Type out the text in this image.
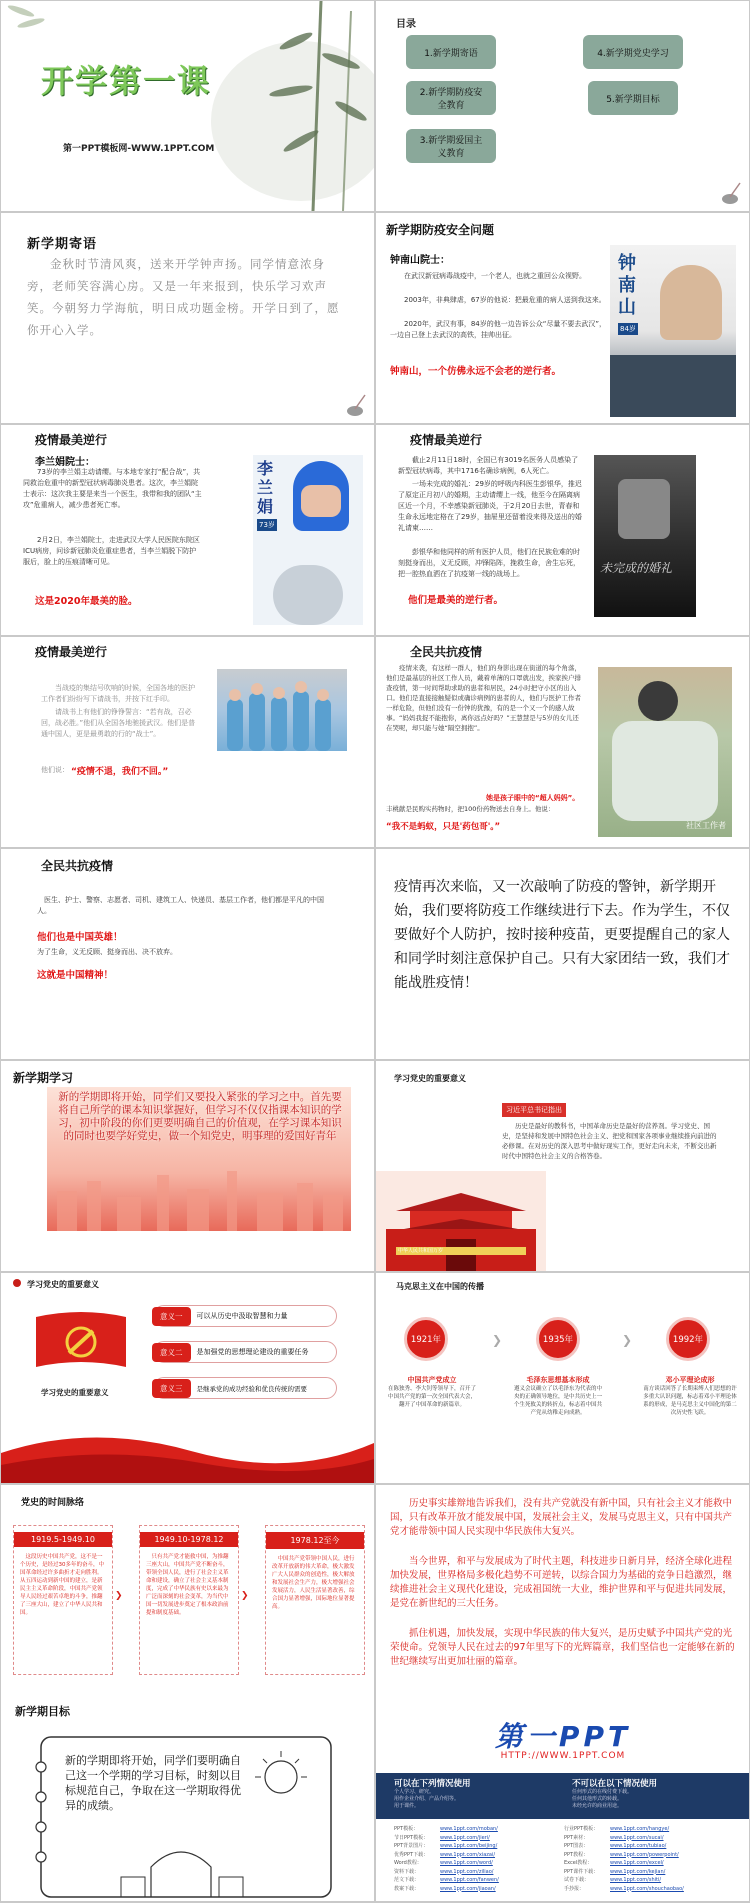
开学第一课
第一PPT模板网-WWW.1PPT.COM
目录
1.新学期寄语
2.新学期防疫安全教育
3.新学期爱国主义教育
4.新学期党史学习
5.新学期目标
新学期寄语
金秋时节清风爽，送来开学钟声扬。同学情意浓身旁，老师笑容满心房。又是一年来报到，快乐学习欢声笑。今朝努力学海航，明日成功题金榜。开学日到了，愿你开心入学。
新学期防疫安全问题
钟南山院士：
在武汉新冠病毒战疫中，一个老人，也就之重回公众视野。
2003年，非典肆虐，67岁的他说：把最危重的病人送到我这来。
2020年，武汉有事，84岁的他一边告诉公众“尽量不要去武汉”，一边自己登上去武汉的高铁，挂帅出征。
钟南山，一个仿佛永远不会老的逆行者。
钟南山
84岁
疫情最美逆行
李兰娟院士：
73岁的李兰娟主动请缨。与本地专家打“配合战”，共同救治危重中的新型冠状病毒肺炎患者。这次，李兰娟院士表示：这次我主要是来当一个医生，我带和我的团队“主攻”危重病人，减少患者死亡率。
2月2日，李兰娟院士，走进武汉大学人民医院东院区ICU病房，问诊新冠肺炎危重症患者，当李兰娟脱下防护服后，脸上的压痕清晰可见。
这是2020年最美的脸。
李兰娟
73岁
疫情最美逆行
截止2月11日18时，全国已有3019名医务人员感染了新型冠状病毒，其中1716名确诊病例，6人死亡。
一场未完成的婚礼：29岁的呼吸内科医生彭银华，推迟了原定正月初八的婚期，主动请缨上一线，他至今在隔离病区近一个月，不幸感染新冠肺炎，于2月20日去世，青春和生命永远地定格在了29岁，抽屉里还留着没来得及送出的婚礼请柬……
彭银华和他同样的所有医护人员，他们在民族危难的时刻挺身而出，义无反顾，冲锋陷阵，挽救生命，舍生忘死，把一腔热血洒在了抗疫第一线的战场上。
他们是最美的逆行者。
未完成的婚礼
疫情最美逆行
当战疫的集结号吹响的时候，全国各地的医护工作者们纷纷写下请战书，并按下红手印。
请战书上有他们的铮铮誓言：“若有战，召必回，战必胜。”他们从全国各地驰援武汉。他们是普通中国人，更是最勇敢的行的“战士”。
他们说： “疫情不退，我们不回。”
全民共抗疫情
疫情来袭，有这样一群人，他们的身影出现在街道的每个角落，他们是最基层的社区工作人员，戴着单薄的口罩就出发，挨家挨户排查疫情，第一时间帮助求助的患者和居民，24小时把守小区的出入口。他们是直接接触疑似或确诊病例的患者的人，他们与医护工作者一样危险，但他们没有一份钟的犹豫，有的是一个又一个的感人故事。“妈妈我捉不能抱你，离你远点好吗？”王慧慧是与5岁的女儿还在哭呢，却只能与她“隔空拥抱”。
她是孩子眼中的“超人妈妈”。
丰桃献是民购实药物时，把100份药物送去自身上。他说：
“我不是蚂蚁，只是'药包哥'。”	社区工作者
全民共抗疫情
医生、护士、警察、志愿者、司机、建筑工人、快递员、基层工作者，他们都是平凡的中国人。
他们也是中国英雄！
为了生命，义无反顾、挺身而出、决不放弃。
这就是中国精神！
疫情再次来临，又一次敲响了防疫的警钟，新学期开始，我们要将防疫工作继续进行下去。作为学生，不仅要做好个人防护，按时接种疫苗，更要提醒自己的家人和同学时刻注意保护自己。只有大家团结一致，我们才能战胜疫情！
新学期学习
新的学期即将开始，同学们又要投入紧张的学习之中。首先要将自己所学的课本知识掌握好，但学习不仅仅指课本知识的学习，初中阶段的你们更要明确自己的价值观，在学习课本知识的同时也要学好党史，做一个知党史，明事理的爱国好青年
学习党史的重要意义
习近平总书记指出
历史是最好的教科书，中国革命历史是最好的营养剂。学习党史、国史，是坚持和发展中国特色社会主义、把党和国家各项事业继续推向前进的必修课。在对历史的深入思考中做好现实工作，更好走向未来，不断交出新时代中国特色社会主义的合格答卷。
中华人民共和国万岁
学习党史的重要意义
学习党史的重要意义
意义一	可以从历史中汲取智慧和力量
意义二	是加强党的思想理论建设的重要任务
意义三	是继承党的成功经验和优良传统的需要
马克思主义在中国的传播
1921年	1935年	1992年
❯	❯
中国共产党成立
在陈独秀、李大钊等领导下，召开了中国共产党的第一次全国代表大会，翻开了中国革命的新篇章。
毛泽东思想基本形成
遵义会议确立了以毛泽东为代表的中央的正确领导地位，是中共历史上一个生死攸关的转折点，标志着中国共产党从幼稚走向成熟。
邓小平理论成形
南方谈话回答了长期束缚人们思想的许多重大认识问题，标志着邓小平理论体系的形成，是马克思主义中国化的第二次历史性飞跃。
党史的时间脉络
1919.5-1949.10
这段历史中国共产党，这不是一个历史，是经过30多年的奋斗，中国革命经过许多曲折才走向胜利。从五四运动到新中国的建立，是新民主主义革命阶段，中国共产党领导人民经过艰苦卓绝的斗争，推翻了三座大山，建立了中华人民共和国。
❯
1949.10-1978.12
只有共产党才能救中国，为推翻三座大山，中国共产党不断奋斗，带领全国人民，进行了社会主义革命和建设，确立了社会主义基本制度，完成了中华民族有史以来最为广泛而深刻的社会变革，为当代中国一切发展进步奠定了根本政治前提和制度基础。
❯
1978.12至今
中国共产党带领中国人民，进行改革开放新的伟大革命，极大激发广大人民群众的创造性，极大解放和发展社会生产力，极大增强社会发展活力，人民生活显著改善，综合国力显著增强，国际地位显著提高。
历史事实雄辩地告诉我们，没有共产党就没有新中国，只有社会主义才能救中国，只有改革开放才能发展中国，发展社会主义，发展马克思主义，只有中国共产党才能带领中国人民实现中华民族伟大复兴。
当今世界，和平与发展成为了时代主题，科技进步日新月异，经济全球化进程加快发展，世界格局多极化趋势不可逆转，以综合国力为基础的竞争日趋激烈，继续推进社会主义现代化建设，完成祖国统一大业，维护世界和平与促进共同发展，是党在新世纪的三大任务。
抓住机遇，加快发展，实现中华民族的伟大复兴，是历史赋予中国共产党的光荣使命。党领导人民在过去的97年里写下的光辉篇章，我们坚信也一定能够在新的世纪继续写出更加壮丽的篇章。
新学期目标
新的学期即将开始，同学们要明确自己这一个学期的学习目标，时刻以目标规范自己，争取在这一学期取得优异的成绩。
第一PPT
HTTP://WWW.1PPT.COM
可以在下列情况使用	不可以在以下情况使用
个人学习、研究。
用作企业介绍、产品介绍等。
用于课件。
任何形式的在线付费下载。
任何其他形式的转载。
未经允许的商业用途。
PPT模板：	www.1ppt.com/moban/	行业PPT模板：	www.1ppt.com/hangye/
节日PPT模板：	www.1ppt.com/jieri/	PPT素材：	www.1ppt.com/sucai/
PPT背景图片：	www.1ppt.com/beijing/	PPT图表：	www.1ppt.com/tubiao/
优秀PPT下载：	www.1ppt.com/xiazai/	PPT教程：	www.1ppt.com/powerpoint/
Word教程：	www.1ppt.com/word/	Excel教程：	www.1ppt.com/excel/
资料下载：	www.1ppt.com/ziliao/	PPT课件下载：	www.1ppt.com/kejian/
范文下载：	www.1ppt.com/fanwen/	试卷下载：	www.1ppt.com/shiti/
教案下载：	www.1ppt.com/jiaoan/	手抄报：	www.1ppt.com/shouchaobao/
